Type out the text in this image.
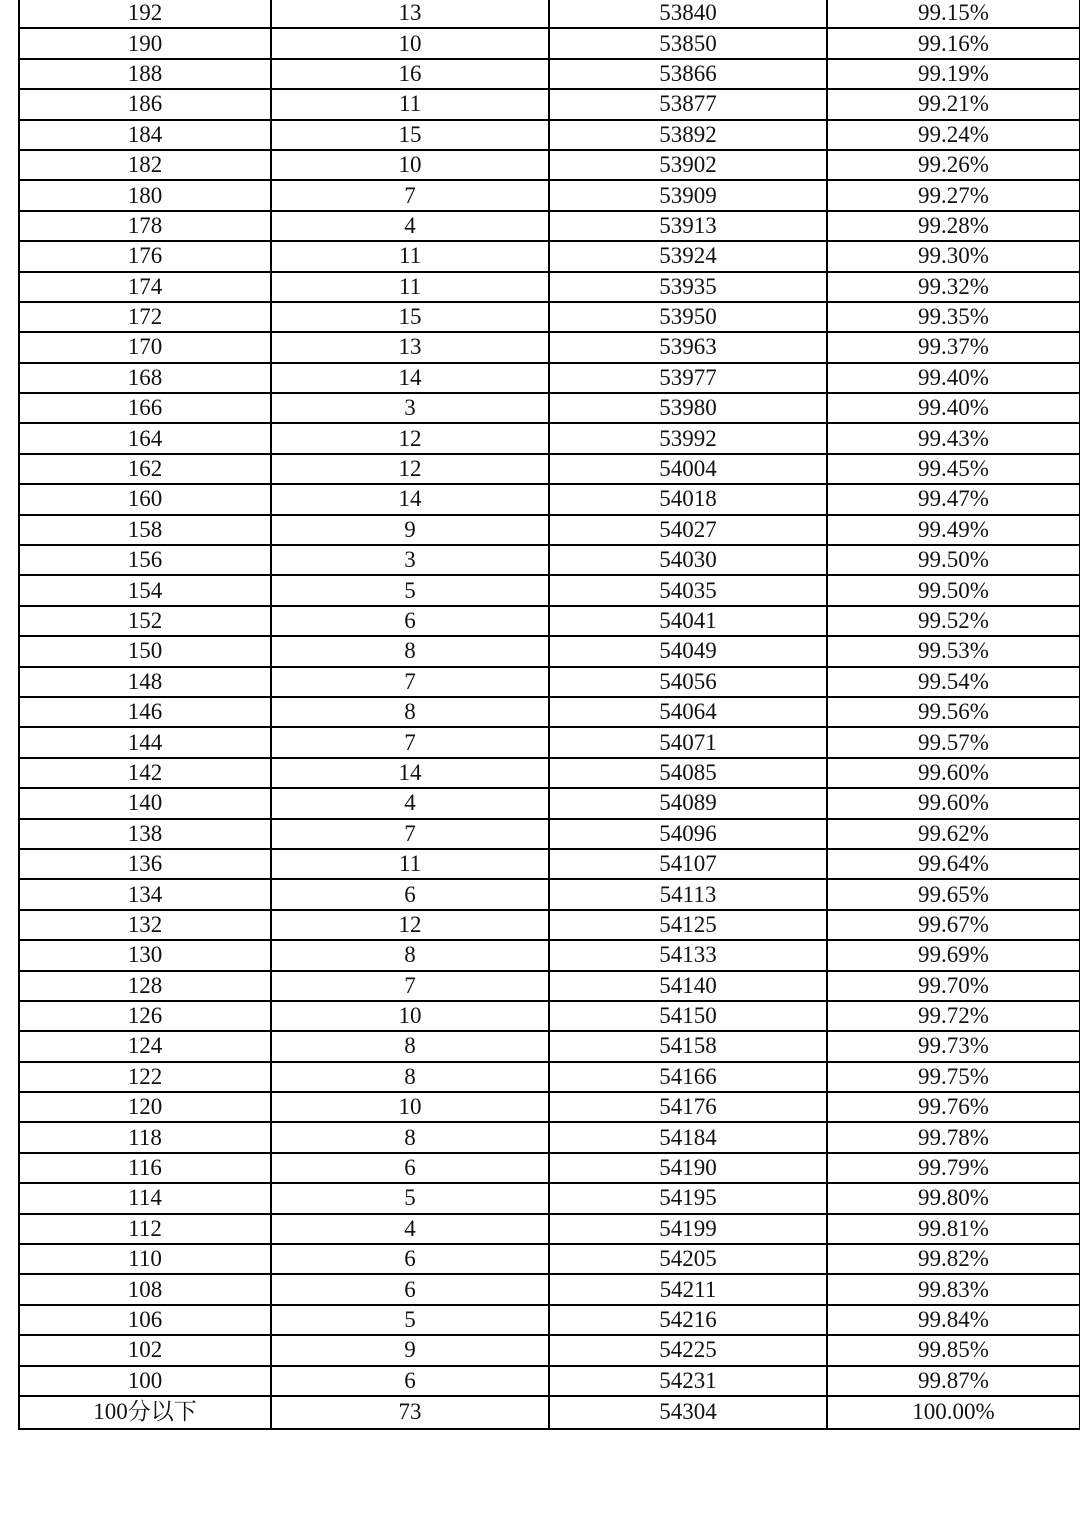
192	13	53840	99.15%
190	10	53850	99.16%
188	16	53866	99.19%
186	11	53877	99.21%
184	15	53892	99.24%
182	10	53902	99.26%
180	7	53909	99.27%
178	4	53913	99.28%
176	11	53924	99.30%
174	11	53935	99.32%
172	15	53950	99.35%
170	13	53963	99.37%
168	14	53977	99.40%
166	3	53980	99.40%
164	12	53992	99.43%
162	12	54004	99.45%
160	14	54018	99.47%
158	9	54027	99.49%
156	3	54030	99.50%
154	5	54035	99.50%
152	6	54041	99.52%
150	8	54049	99.53%
148	7	54056	99.54%
146	8	54064	99.56%
144	7	54071	99.57%
142	14	54085	99.60%
140	4	54089	99.60%
138	7	54096	99.62%
136	11	54107	99.64%
134	6	54113	99.65%
132	12	54125	99.67%
130	8	54133	99.69%
128	7	54140	99.70%
126	10	54150	99.72%
124	8	54158	99.73%
122	8	54166	99.75%
120	10	54176	99.76%
118	8	54184	99.78%
116	6	54190	99.79%
114	5	54195	99.80%
112	4	54199	99.81%
110	6	54205	99.82%
108	6	54211	99.83%
106	5	54216	99.84%
102	9	54225	99.85%
100	6	54231	99.87%
100分以下	73	54304	100.00%
